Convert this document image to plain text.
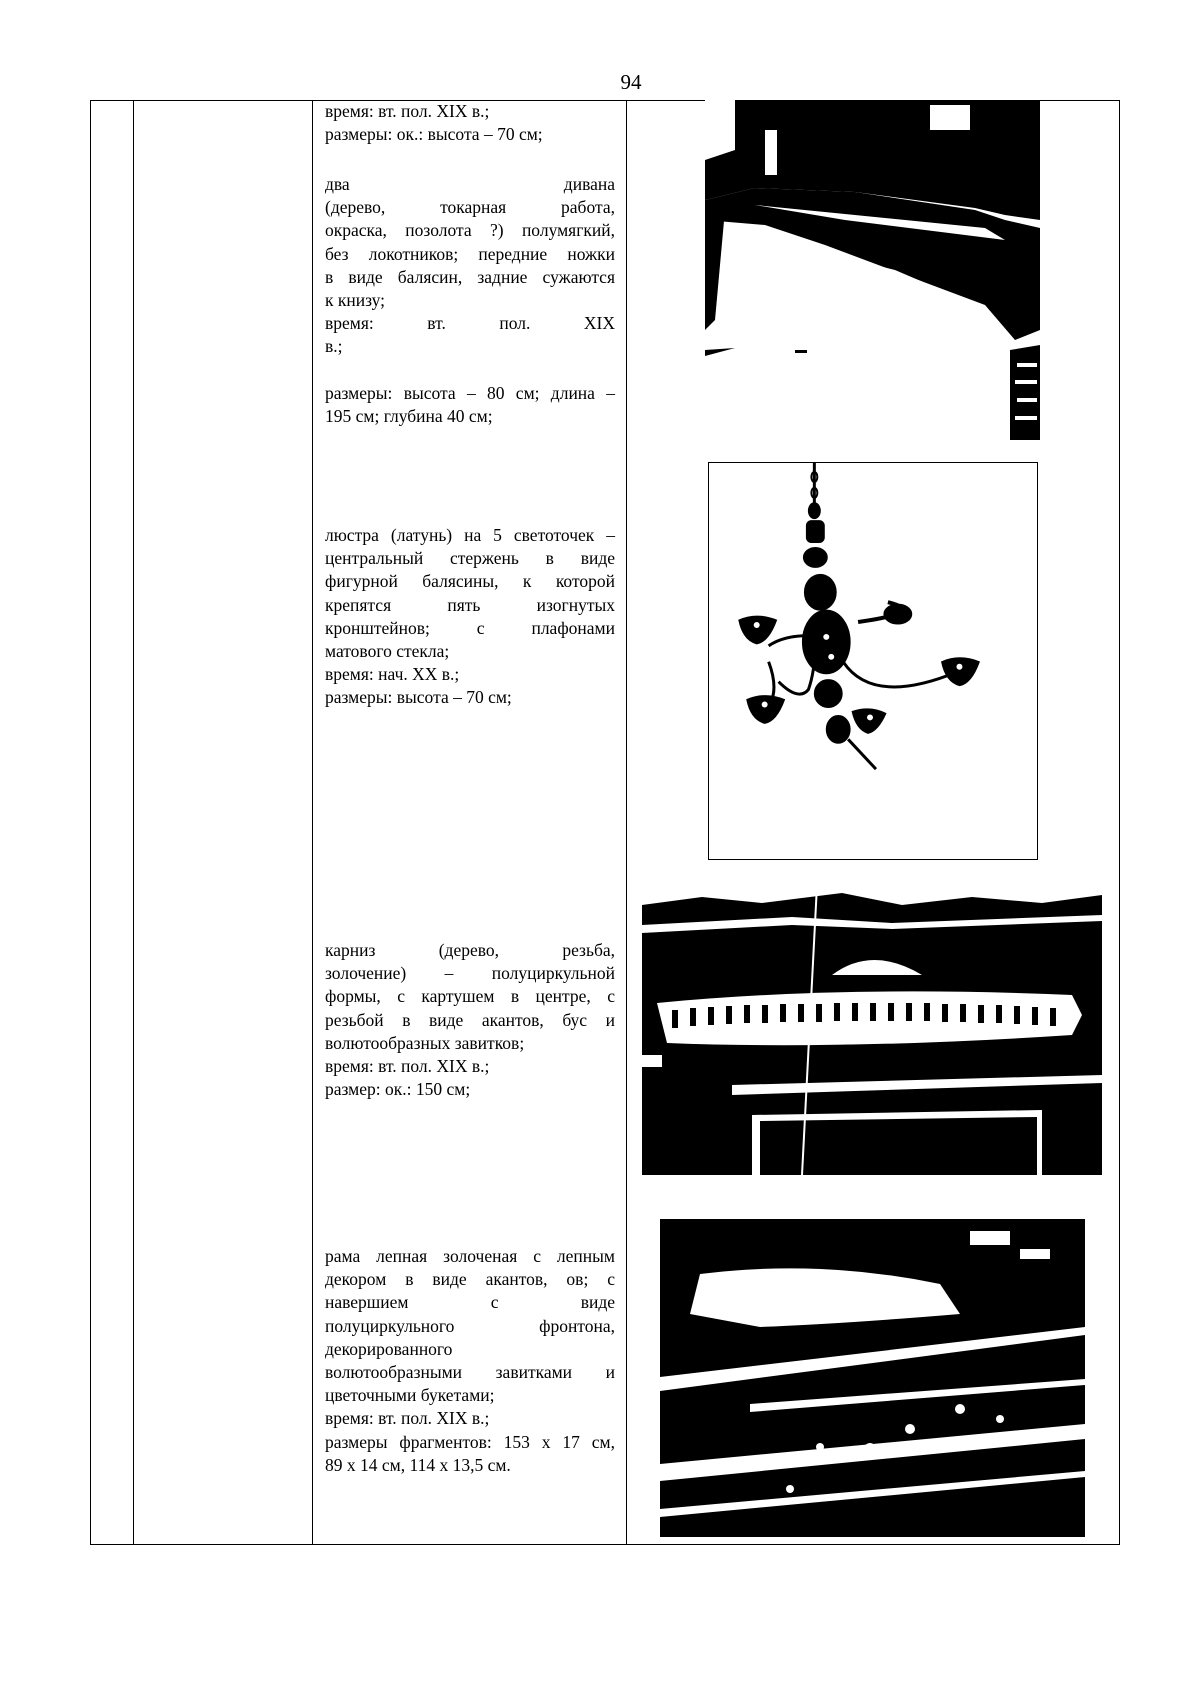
94
время: вт. пол. XIX в.;
размеры: ок.: высота – 70 см;
два дивана
(дерево, токарная работа,
окраска, позолота ?) полумягкий,
без локотников; передние ножки
в виде балясин, задние сужаются
к книзу;
время: вт. пол. XIX
в.;
размеры: высота – 80 см; длина –
195 см; глубина 40 см;
люстра (латунь) на 5 светоточек –
центральный стержень в виде
фигурной балясины, к которой
крепятся пять изогнутых
кронштейнов; с плафонами
матового стекла;
время: нач. XX в.;
размеры: высота – 70 см;
карниз (дерево, резьба,
золочение) – полуциркульной
формы, с картушем в центре, с
резьбой в виде акантов, бус и
волютообразных завитков;
время: вт. пол. XIX в.;
размер: ок.: 150 см;
рама лепная золоченая с лепным
декором в виде акантов, ов; с
навершием с виде
полуциркульного фронтона,
декорированного
волютообразными завитками и
цветочными букетами;
время: вт. пол. XIX в.;
размеры фрагментов: 153 х 17 см,
89 х 14 см, 114 х 13,5 см.
